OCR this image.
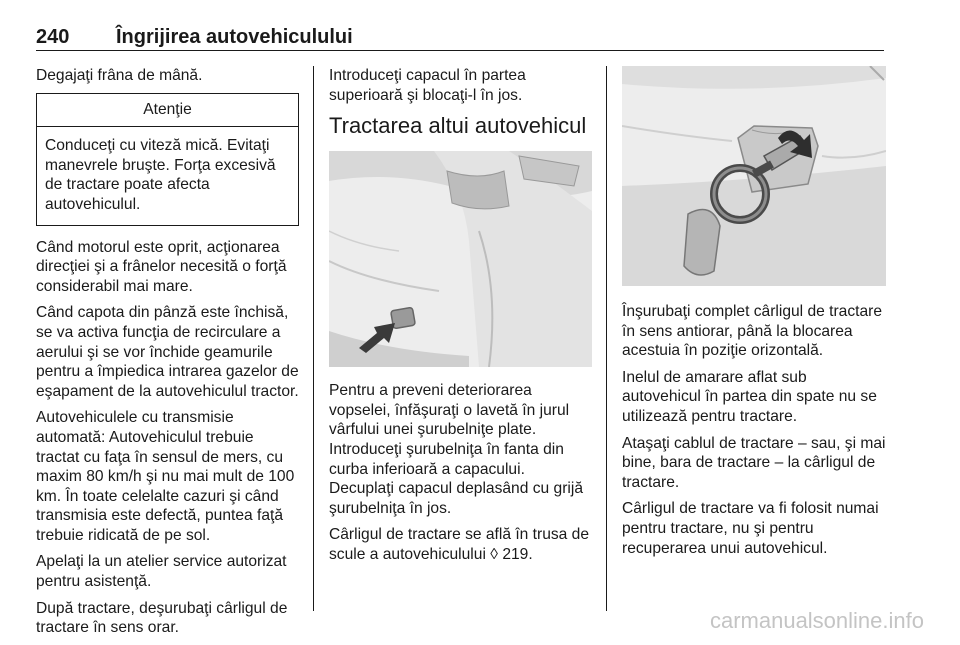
240 Îngrijirea autovehiculului

Degajaţi frâna de mână.

Atenţie
Conduceţi cu viteză mică. Evitaţi manevrele bruşte. Forţa excesivă de tractare poate afecta autovehiculul.

Când motorul este oprit, acţionarea direcţiei şi a frânelor necesită o forţă considerabil mai mare.

Când capota din pânză este închisă, se va activa funcţia de recirculare a aerului şi se vor închide geamurile pentru a împiedica intrarea gazelor de eşapament de la autovehiculul tractor.

Autovehiculele cu transmisie automată: Autovehiculul trebuie tractat cu faţa în sensul de mers, cu maxim 80 km/h şi nu mai mult de 100 km. În toate celelalte cazuri şi când transmisia este defectă, puntea faţă trebuie ridicată de pe sol.

Apelaţi la un atelier service autorizat pentru asistenţă.

După tractare, deşurubaţi cârligul de tractare în sens orar.

Introduceţi capacul în partea superioară şi blocaţi-l în jos.

Tractarea altui autovehicul

Pentru a preveni deteriorarea vopselei, înfăşuraţi o lavetă în jurul vârfului unei şurubelniţe plate. Introduceţi şurubelniţa în fanta din curba inferioară a capacului. Decuplaţi capacul deplasând cu grijă şurubelniţa în jos.

Cârligul de tractare se află în trusa de scule a autovehiculului ◊ 219.

Înşurubaţi complet cârligul de tractare în sens antiorar, până la blocarea acestuia în poziţie orizontală.

Inelul de amarare aflat sub autovehicul în partea din spate nu se utilizează pentru tractare.

Ataşaţi cablul de tractare – sau, şi mai bine, bara de tractare – la cârligul de tractare.

Cârligul de tractare va fi folosit numai pentru tractare, nu şi pentru recuperarea unui autovehicul.

carmanualsonline.info
